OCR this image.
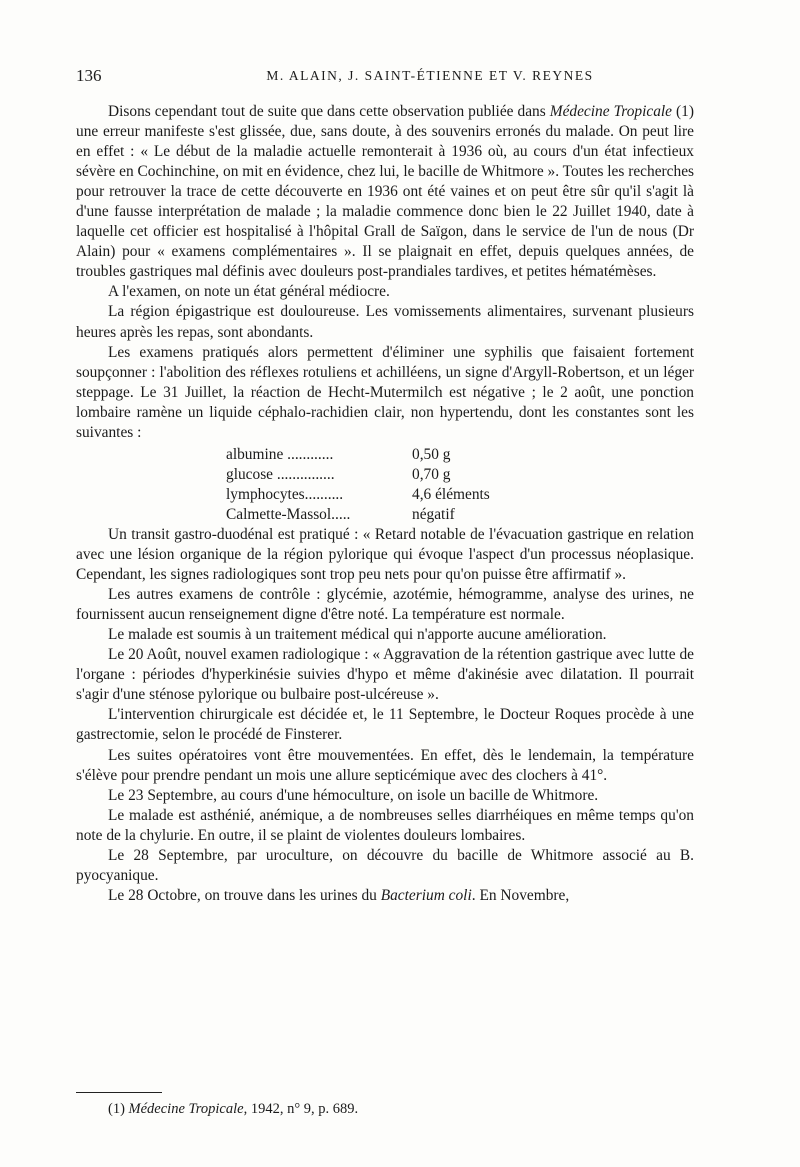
136	M. ALAIN, J. SAINT-ÉTIENNE ET V. REYNES

Disons cependant tout de suite que dans cette observation publiée dans Médecine Tropicale (1) une erreur manifeste s'est glissée, due, sans doute, à des souvenirs erronés du malade. On peut lire en effet : « Le début de la maladie actuelle remonterait à 1936 où, au cours d'un état infectieux sévère en Cochinchine, on mit en évidence, chez lui, le bacille de Whitmore ». Toutes les recherches pour retrouver la trace de cette découverte en 1936 ont été vaines et on peut être sûr qu'il s'agit là d'une fausse interprétation de malade ; la maladie commence donc bien le 22 Juillet 1940, date à laquelle cet officier est hospitalisé à l'hôpital Grall de Saïgon, dans le service de l'un de nous (Dr Alain) pour « examens complémentaires ». Il se plaignait en effet, depuis quelques années, de troubles gastriques mal définis avec douleurs post-prandiales tardives, et petites hématémèses.

A l'examen, on note un état général médiocre.

La région épigastrique est douloureuse. Les vomissements alimentaires, survenant plusieurs heures après les repas, sont abondants.

Les examens pratiqués alors permettent d'éliminer une syphilis que faisaient fortement soupçonner : l'abolition des réflexes rotuliens et achilléens, un signe d'Argyll-Robertson, et un léger steppage. Le 31 Juillet, la réaction de Hecht-Mutermilch est négative ; le 2 août, une ponction lombaire ramène un liquide céphalo-rachidien clair, non hypertendu, dont les constantes sont les suivantes :

albumine ............	0,50 g
glucose ...............	0,70 g
lymphocytes..........	4,6 éléments
Calmette-Massol.....	négatif

Un transit gastro-duodénal est pratiqué : « Retard notable de l'évacuation gastrique en relation avec une lésion organique de la région pylorique qui évoque l'aspect d'un processus néoplasique. Cependant, les signes radiologiques sont trop peu nets pour qu'on puisse être affirmatif ».

Les autres examens de contrôle : glycémie, azotémie, hémogramme, analyse des urines, ne fournissent aucun renseignement digne d'être noté. La température est normale.

Le malade est soumis à un traitement médical qui n'apporte aucune amélioration.

Le 20 Août, nouvel examen radiologique : « Aggravation de la rétention gastrique avec lutte de l'organe : périodes d'hyperkinésie suivies d'hypo et même d'akinésie avec dilatation. Il pourrait s'agir d'une sténose pylorique ou bulbaire post-ulcéreuse ».

L'intervention chirurgicale est décidée et, le 11 Septembre, le Docteur Roques procède à une gastrectomie, selon le procédé de Finsterer.

Les suites opératoires vont être mouvementées. En effet, dès le lendemain, la température s'élève pour prendre pendant un mois une allure septicémique avec des clochers à 41°.

Le 23 Septembre, au cours d'une hémoculture, on isole un bacille de Whitmore.

Le malade est asthénié, anémique, a de nombreuses selles diarrhéiques en même temps qu'on note de la chylurie. En outre, il se plaint de violentes douleurs lombaires.

Le 28 Septembre, par uroculture, on découvre du bacille de Whitmore associé au B. pyocyanique.

Le 28 Octobre, on trouve dans les urines du Bacterium coli. En Novembre,

(1) Médecine Tropicale, 1942, n° 9, p. 689.
